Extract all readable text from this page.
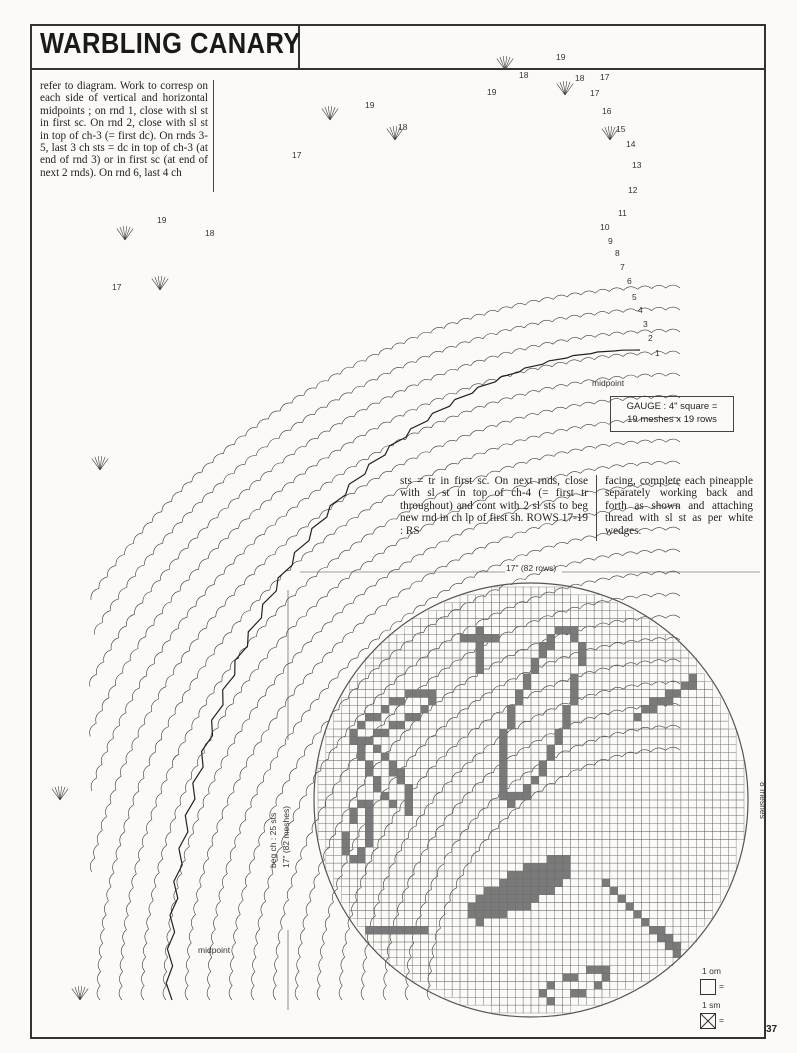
WARBLING CANARY
refer to diagram. Work to corresp on each side of vertical and horizontal midpoints ; on rnd 1, close with sl st in first sc. On rnd 2, close with sl st in top of ch-3 (= first dc). On rnds 3-5, last 3 ch sts = dc in top of ch-3 (at end of rnd 3) or in first sc (at end of next 2 rnds). On rnd 6, last 4 ch
sts = tr in first sc. On next rnds, close with sl st in top of ch-4 (= first tr throughout) and cont with 2 sl sts to beg new rnd in ch lp of first sh. ROWS 17-19 : RS
facing, complete each pineapple separately working back and forth as shown and attaching thread with sl st as per white wedges.
GAUGE : 4" square =
19 meshes x 19 rows
midpoint
midpoint
1
2
3
4
5
6
7
8
9
10
11
12
13
14
15
16
17
18
19
19
18
17
19
18
17
19
18	17
17" (82 rows)
beg ch : 25 sts 17" (82 meshes)
8 meshes
1 om
=
1 sm
=
37
